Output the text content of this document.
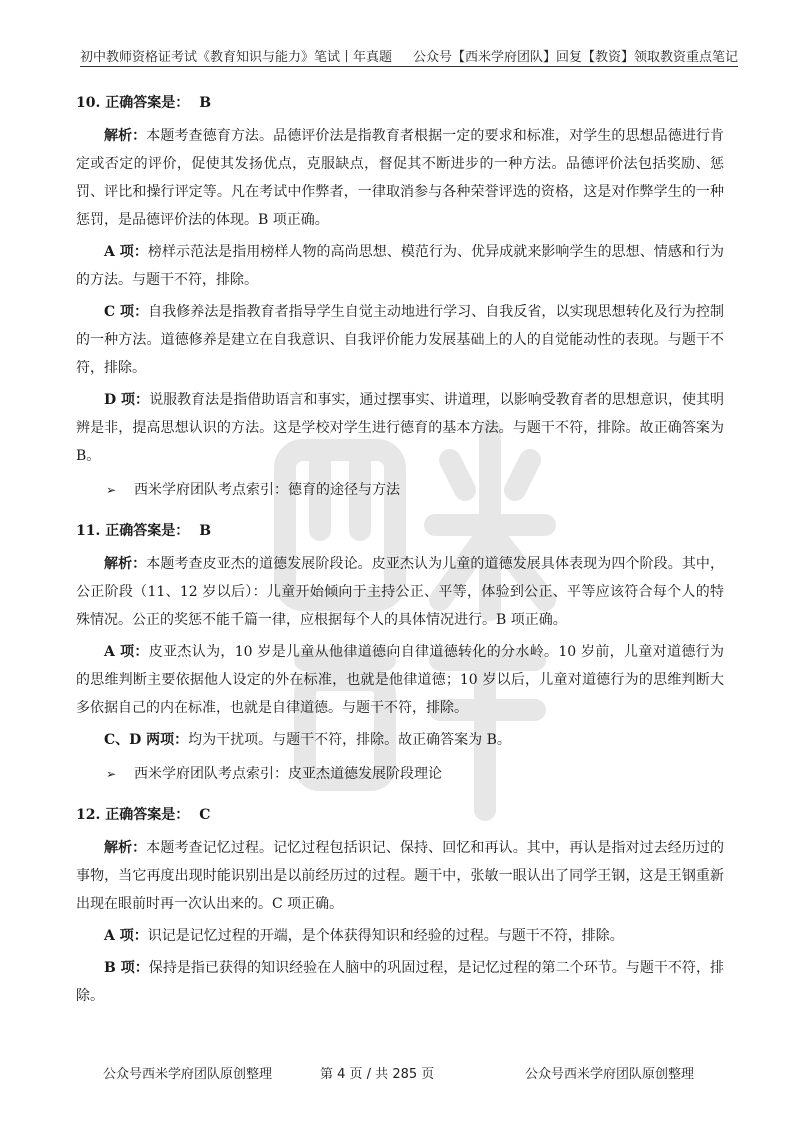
初中教师资格证考试《教育知识与能力》笔试丨年真题 公众号【西米学府团队】回复【教资】领取教资重点笔记
10. 正确答案是： B

解析：本题考查德育方法。品德评价法是指教育者根据一定的要求和标准，对学生的思想品德进行肯定或否定的评价，促使其发扬优点，克服缺点，督促其不断进步的一种方法。品德评价法包括奖励、惩罚、评比和操行评定等。凡在考试中作弊者，一律取消参与各种荣誉评选的资格，这是对作弊学生的一种惩罚，是品德评价法的体现。B 项正确。

A 项：榜样示范法是指用榜样人物的高尚思想、模范行为、优异成就来影响学生的思想、情感和行为的方法。与题干不符，排除。

C 项：自我修养法是指教育者指导学生自觉主动地进行学习、自我反省，以实现思想转化及行为控制的一种方法。道德修养是建立在自我意识、自我评价能力发展基础上的人的自觉能动性的表现。与题干不符，排除。

D 项：说服教育法是指借助语言和事实，通过摆事实、讲道理，以影响受教育者的思想意识，使其明辨是非，提高思想认识的方法。这是学校对学生进行德育的基本方法。与题干不符，排除。故正确答案为 B。

➢ 西米学府团队考点索引：德育的途径与方法
11. 正确答案是： B

解析：本题考查皮亚杰的道德发展阶段论。皮亚杰认为儿童的道德发展具体表现为四个阶段。其中，公正阶段（11、12 岁以后）：儿童开始倾向于主持公正、平等，体验到公正、平等应该符合每个人的特殊情况。公正的奖惩不能千篇一律，应根据每个人的具体情况进行。B 项正确。

A 项：皮亚杰认为，10 岁是儿童从他律道德向自律道德转化的分水岭。10 岁前，儿童对道德行为的思维判断主要依据他人设定的外在标准，也就是他律道德；10 岁以后，儿童对道德行为的思维判断大多依据自己的内在标准，也就是自律道德。与题干不符，排除。

C、D 两项：均为干扰项。与题干不符，排除。故正确答案为 B。

➢ 西米学府团队考点索引：皮亚杰道德发展阶段理论
12. 正确答案是： C

解析：本题考查记忆过程。记忆过程包括识记、保持、回忆和再认。其中，再认是指对过去经历过的事物，当它再度出现时能识别出是以前经历过的过程。题干中，张敏一眼认出了同学王钢，这是王钢重新出现在眼前时再一次认出来的。C 项正确。

A 项：识记是记忆过程的开端，是个体获得知识和经验的过程。与题干不符，排除。

B 项：保持是指已获得的知识经验在人脑中的巩固过程，是记忆过程的第二个环节。与题干不符，排除。

公众号西米学府团队原创整理	第 4 页 / 共 285 页	公众号西米学府团队原创整理
